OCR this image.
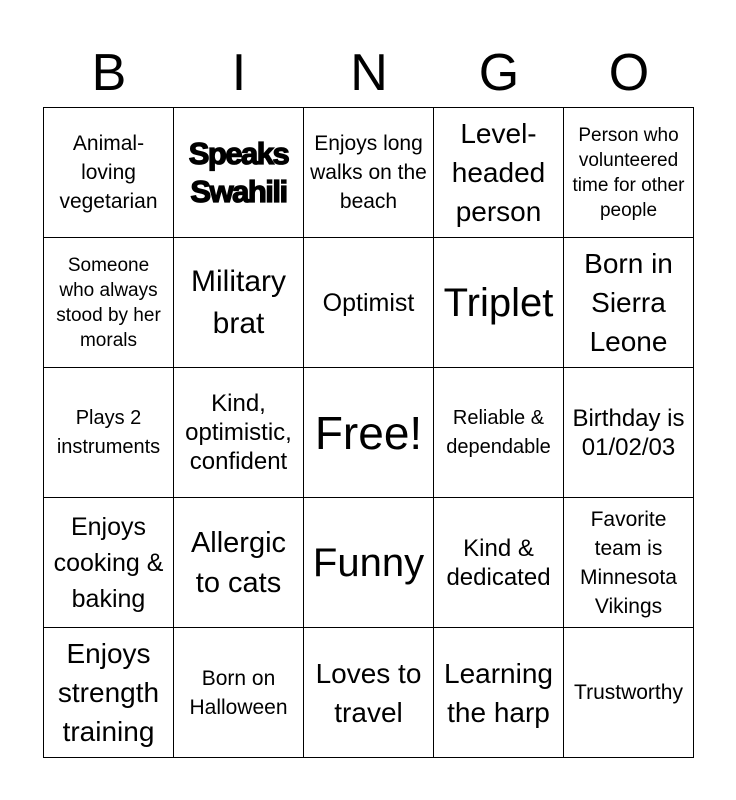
B	I	N	G	O
Animal-loving vegetarian	Speaks Swahili	Enjoys long walks on the beach	Level-headed person	Person who volunteered time for other people
Someone who always stood by her morals	Military brat	Optimist	Triplet	Born in Sierra Leone
Plays 2 instruments	Kind, optimistic, confident	Free!	Reliable & dependable	Birthday is 01/02/03
Enjoys cooking & baking	Allergic to cats	Funny	Kind & dedicated	Favorite team is Minnesota Vikings
Enjoys strength training	Born on Halloween	Loves to travel	Learning the harp	Trustworthy
